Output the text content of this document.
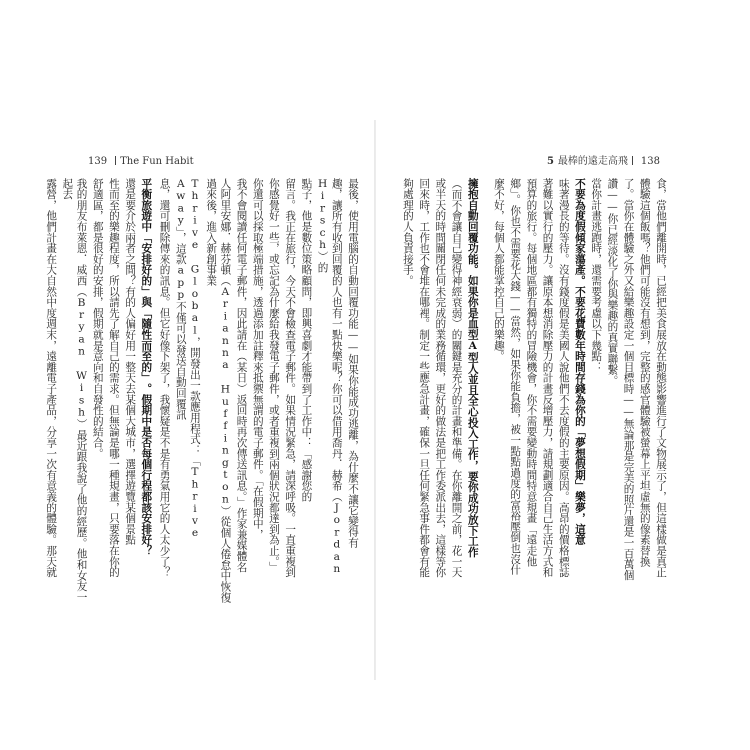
139 The Fun Habit	5 最棒的遠走高飛 138
最後，使用電腦的自動回覆功能——如果你能成功逃離，為什麼不讓它變得有
趣，讓所有收到回覆的人也有一點快樂呢？你可以借用喬丹．赫希（Jordan Hirsch）的
點子，他是數位策略顧問，即興喜劇才能帶到了工作中：「感謝您的
留言。我正在旅行，今天不會檢查電子郵件。如果情況緊急，請深呼吸。一直重複到
你感覺好一些，或忘記為什麼給我發電子郵件，或者重複到兩個狀況都達到為止。」
你還可以採取極端措施，透過添加註釋來抵禦無謂的電子郵件。「在假期中，
我不會閱讀任何電子郵件，因此請在（某日）返回時再次傳送訊息。」作家兼媒體名
人阿里安娜．赫芬頓（Arianna Huffington）從個人倦怠中恢復過來後，進入新創事業
Thrive Global，開發出一款應用程式：「Thrive Away」，這款app不僅可以發送自動回覆訊
息，還可刪除傳來的訊息。但它好像下架了，我懷疑是不是有勇氣用它的人太少了？
平衡旅遊中「安排好的」與「隨性而至的」。假期中是否每個行程都該安排好？
還是要介於兩者之間？有的人偏好用一整天去某個大城市，選擇遊覽某個景點
性而至的樂趣程度，所以請先了解自己的需求。但無論是哪一種規畫，只要落在你的
舒適區，都是很好的安排，假期就是意向和自發性的結合。
我的朋友布萊恩．威西（Bryan Wish）最近跟我說了他的經歷。他和女友一起去
露營，他們計畫在大自然中度週末，遠離電子產品，分享一次有意義的體驗。那天就	食，當他們離開時，已經把美食展放在動態影響進行了文物展示了，但這樣做是真正
體驗這個飯嗎？他們可能沒有想到，完整的感官體驗被螢幕上平坦虛無的像素替換
了。當你在體驗之外又給樂趣設定一個目標時——無論那是完美的照片還是一百萬個
讚——你已經淡化了你與樂趣的真實聯繫。
當你計畫逃跑時，還需要考慮以下幾點：
不要為度假傾家蕩產。不要花費數年時間存錢為你的「夢想假期」樂夢，這意
味著漫長的等待。沒有錢度假是美國人說他們不去度假的主要原因。高昂的價格標誌
著難以實行的壓力。讓原本想消除壓力的計畫反增壓力，請規劃適合自己生活方式和
預算的旅行。每個地區都有獨特的冒險機會，你不需要變動時間特意規畫「遠走他
鄉」。你也不需要花大錢——當然，如果你能負擔，被一點點過度的富裕壓倒也沒什
麼不好，每個人都能掌控自己的樂趣。
擁抱自動回覆功能。如果你是血型A型人並且全心投入工作，要你成功放下工作
（而不會讓自己變得神經衰弱）的關鍵是充分的計畫和準備。在你離開之前，花一天
或半天的時間關閉任何未完成的業務循環，更好的做法是把工作委派出去，這樣等你
回來時，工作也不會堆在哪裡。制定一些應急計畫，確保一旦任何緊急事件都會有能
夠處理的人負責接手。
